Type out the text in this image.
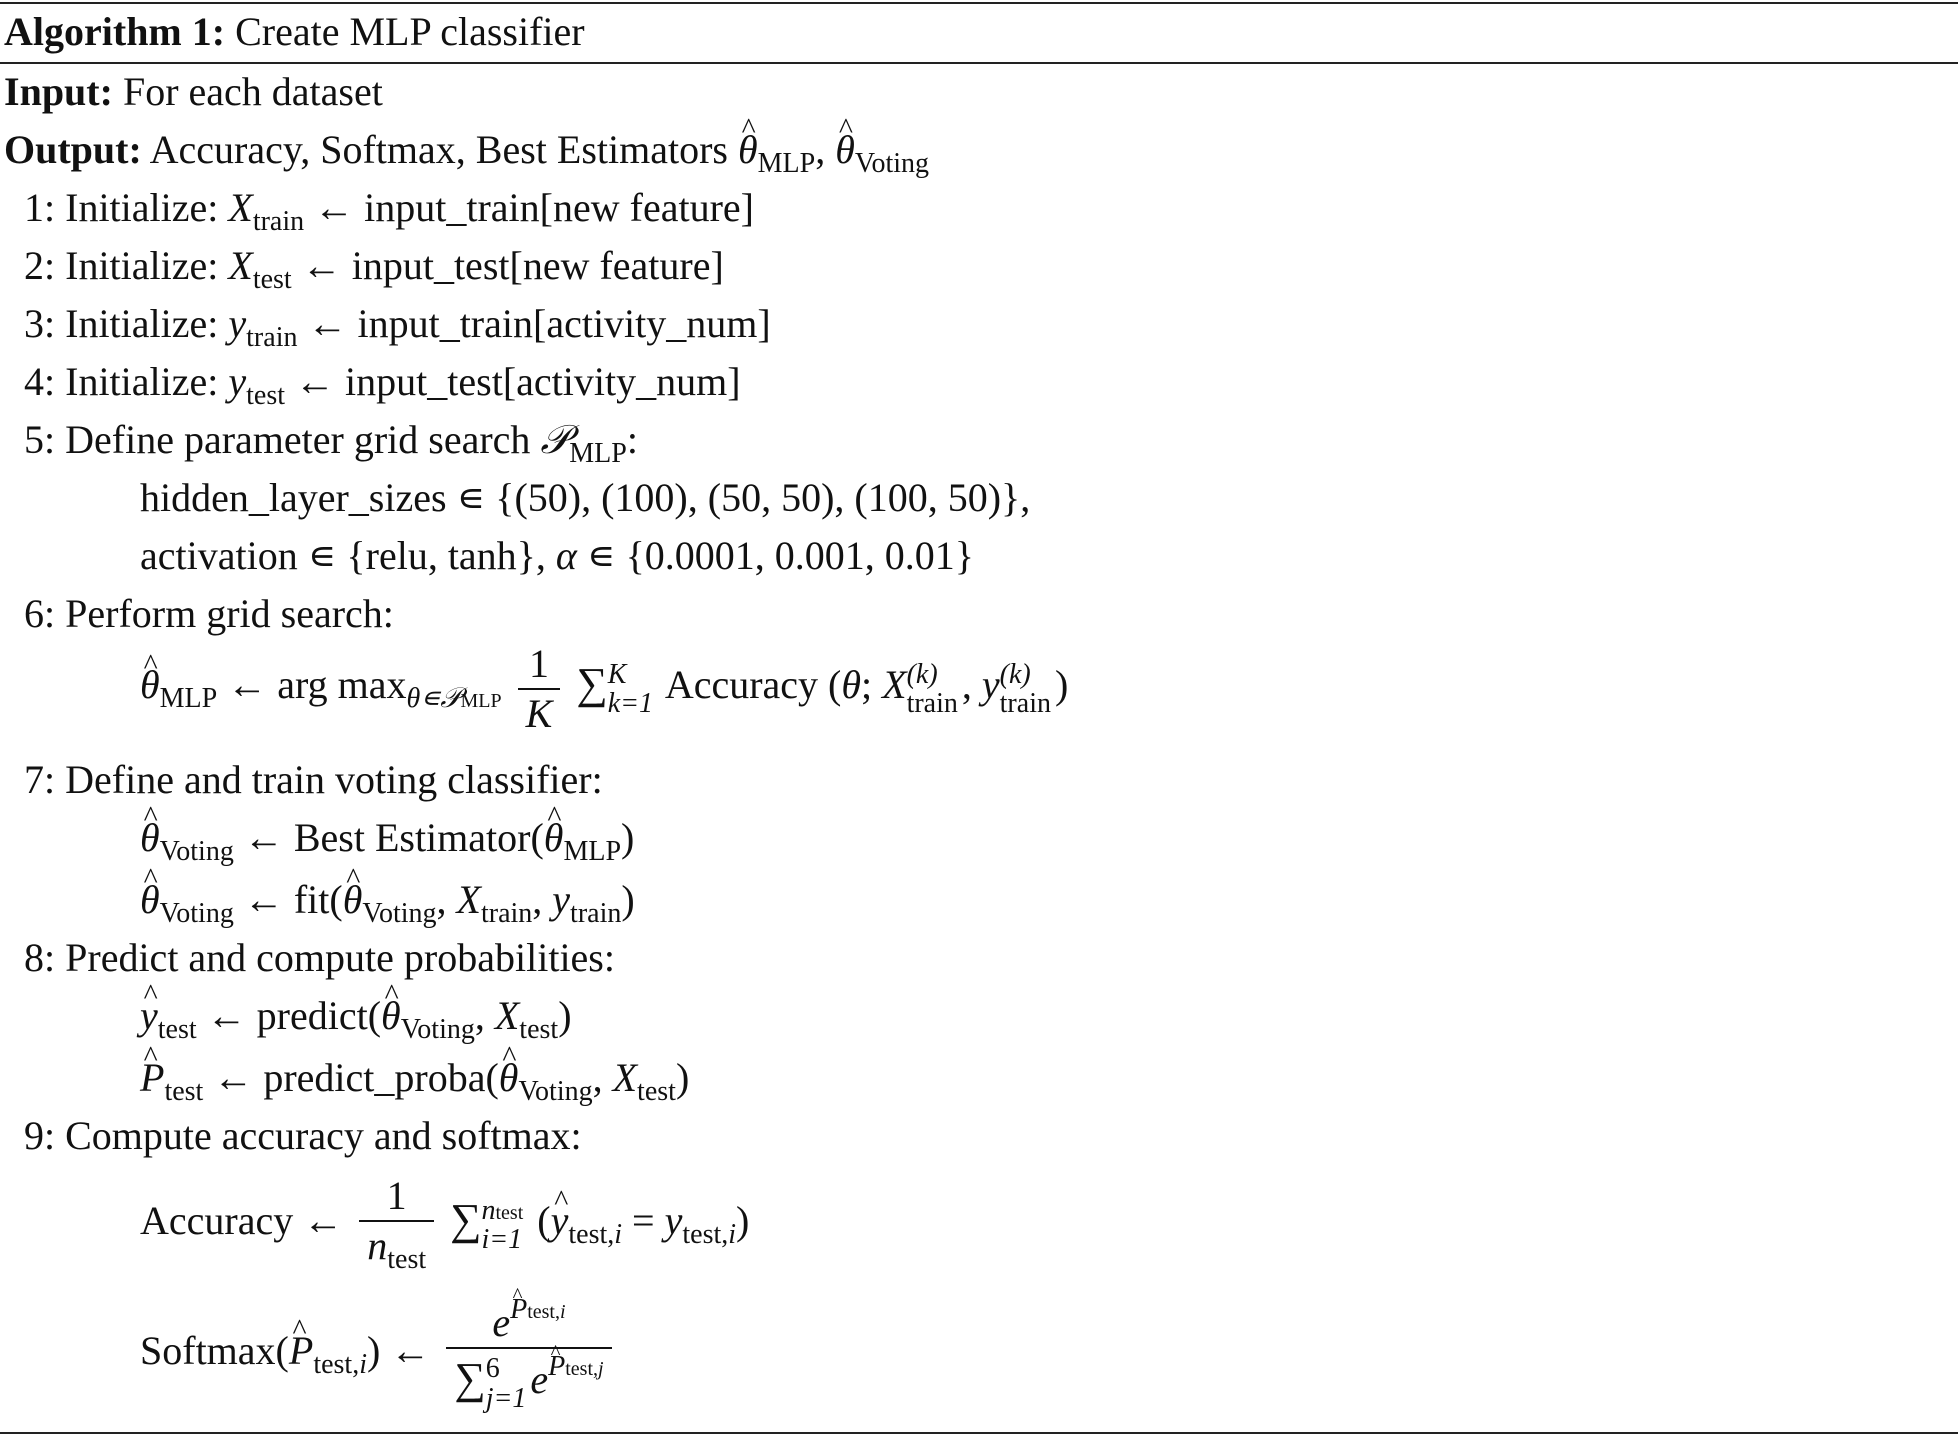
Algorithm 1: Create MLP classifier
Input: For each dataset
Output: Accuracy, Softmax, Best Estimators ^ $\theta_{MLP}$, ^ $\theta_{Voting}$
1: Initialize: $X_{train}$ ← input_train[new feature]
2: Initialize: $X_{test}$ ← input_test[new feature]
3: Initialize: $y_{train}$ ← input_train[activity_num]
4: Initialize: $y_{test}$ ← input_test[activity_num]
5: Define parameter grid search 𝒫$_{MLP}$:
hidden_layer_sizes ∊ {(50), (100), (50, 50), (100, 50)},
activation ∊ {relu, tanh}, α ∊ {0.0001, 0.001, 0.01}
6: Perform grid search:
^ $\theta_{MLP}$ ← arg $\max_{\theta∊𝒫MLP} \frac{1}{K}$ ∑ K
k=1 Accuracy (θ; X (k)
train , y (k)
train )
7: Define and train voting classifier:
^ $\theta_{Voting}$ ← Best Estimator(^ $\theta_{MLP}$)
^ $\theta_{Voting}$ ← fit(^ $\theta_{Voting}$, $X_{train}$, $y_{train}$)
8: Predict and compute probabilities:
^ $y_{test}$ ← predict(^ $\theta_{Voting}$, $X_{test}$)
^ $P_{test}$ ← predict_proba(^ $\theta_{Voting}$, $X_{test}$)
9: Compute accuracy and softmax:
Accuracy ← $\frac{1}{n_{test}}$ ∑ ntest
i=1 (^ $y_{test,i} = y_{test,i}$)
Softmax(^ $P_{test,i}$) ← e^ $^{Ptest,i}$
∑ 6
j=1 e^ $^{Ptest,j}$
